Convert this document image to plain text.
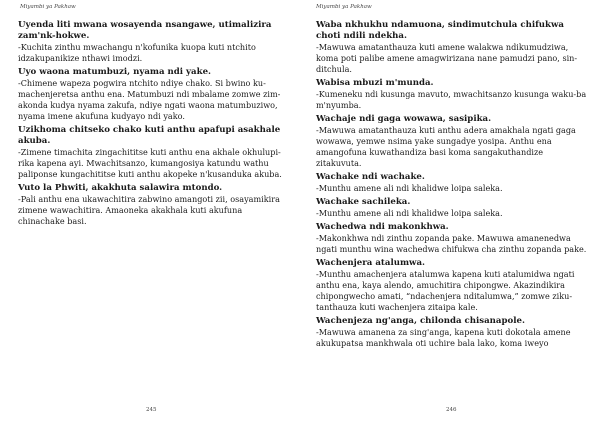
Miyambi ya Pakhaw
Uyenda liti mwana wosayenda nsangawe, utimalizira zam'nk-hokwe.
-Kuchita zinthu mwachangu n'kofunika kuopa kuti ntchito idzakupanikize nthawi imodzi.
Uyo waona matumbuzi, nyama ndi yake.
-Chimene wapeza pogwira ntchito ndiye chako. Si bwino ku-machenjeretsa anthu ena. Matumbuzi ndi mbalame zomwe zim-akonda kudya nyama zakufa, ndiye ngati waona matumbuziwo, nyama imene akufuna kudyayo ndi yako.
Uzikhoma chitseko chako kuti anthu apafupi asakhale akuba.
-Zimene timachita zingachititse kuti anthu ena akhale okhulupi-rika kapena ayi. Mwachitsanzo, kumangosiya katundu wathu paliponse kungachititse kuti anthu akopeke n'kusanduka akuba.
Vuto la Phwiti, akakhuta salawira mtondo.
-Pali anthu ena ukawachitira zabwino amangoti zii, osayamikira zimene wawachitira. Amaoneka akakhala kuti akufuna chinachake basi.
245
Miyambi ya Pakhaw
Waba nkhukhu ndamuona, sindimutchula chifukwa choti ndili ndekha.
-Mawuwa amatanthauza kuti amene walakwa ndikumudziwa, koma poti palibe amene amagwirizana nane pamudzi pano, sin-ditchula.
Wabisa mbuzi m'munda.
-Kumeneku ndi kusunga mavuto, mwachitsanzo kusunga waku-ba m'nyumba.
Wachaje ndi gaga wowawa, sasipika.
-Mawuwa amatanthauza kuti anthu adera amakhala ngati gaga wowawa, yemwe nsima yake sungadye yosipa. Anthu ena amangofuna kuwathandiza basi koma sangakuthandize zitakuvuta.
Wachake ndi wachake.
-Munthu amene ali ndi khalidwe loipa saleka.
Wachake sachileka.
-Munthu amene ali ndi khalidwe loipa saleka.
Wachedwa ndi makonkhwa.
-Makonkhwa ndi zinthu zopanda pake. Mawuwa amanenedwa ngati munthu wina wachedwa chifukwa cha zinthu zopanda pake.
Wachenjera atalumwa.
-Munthu amachenjera atalumwa kapena kuti atalumidwa ngati anthu ena, kaya alendo, amuchitira chipongwe. Akazindikira chipongwecho amati, “ndachenjera nditalumwa,” zomwe ziku-tanthauza kuti wachenjera zitaipa kale.
Wachenjeza ng'anga, chilonda chisanapole.
-Mawuwa amanena za sing'anga, kapena kuti dokotala amene akukupatsa mankhwala oti uchire bala lako, koma iweyo
246
